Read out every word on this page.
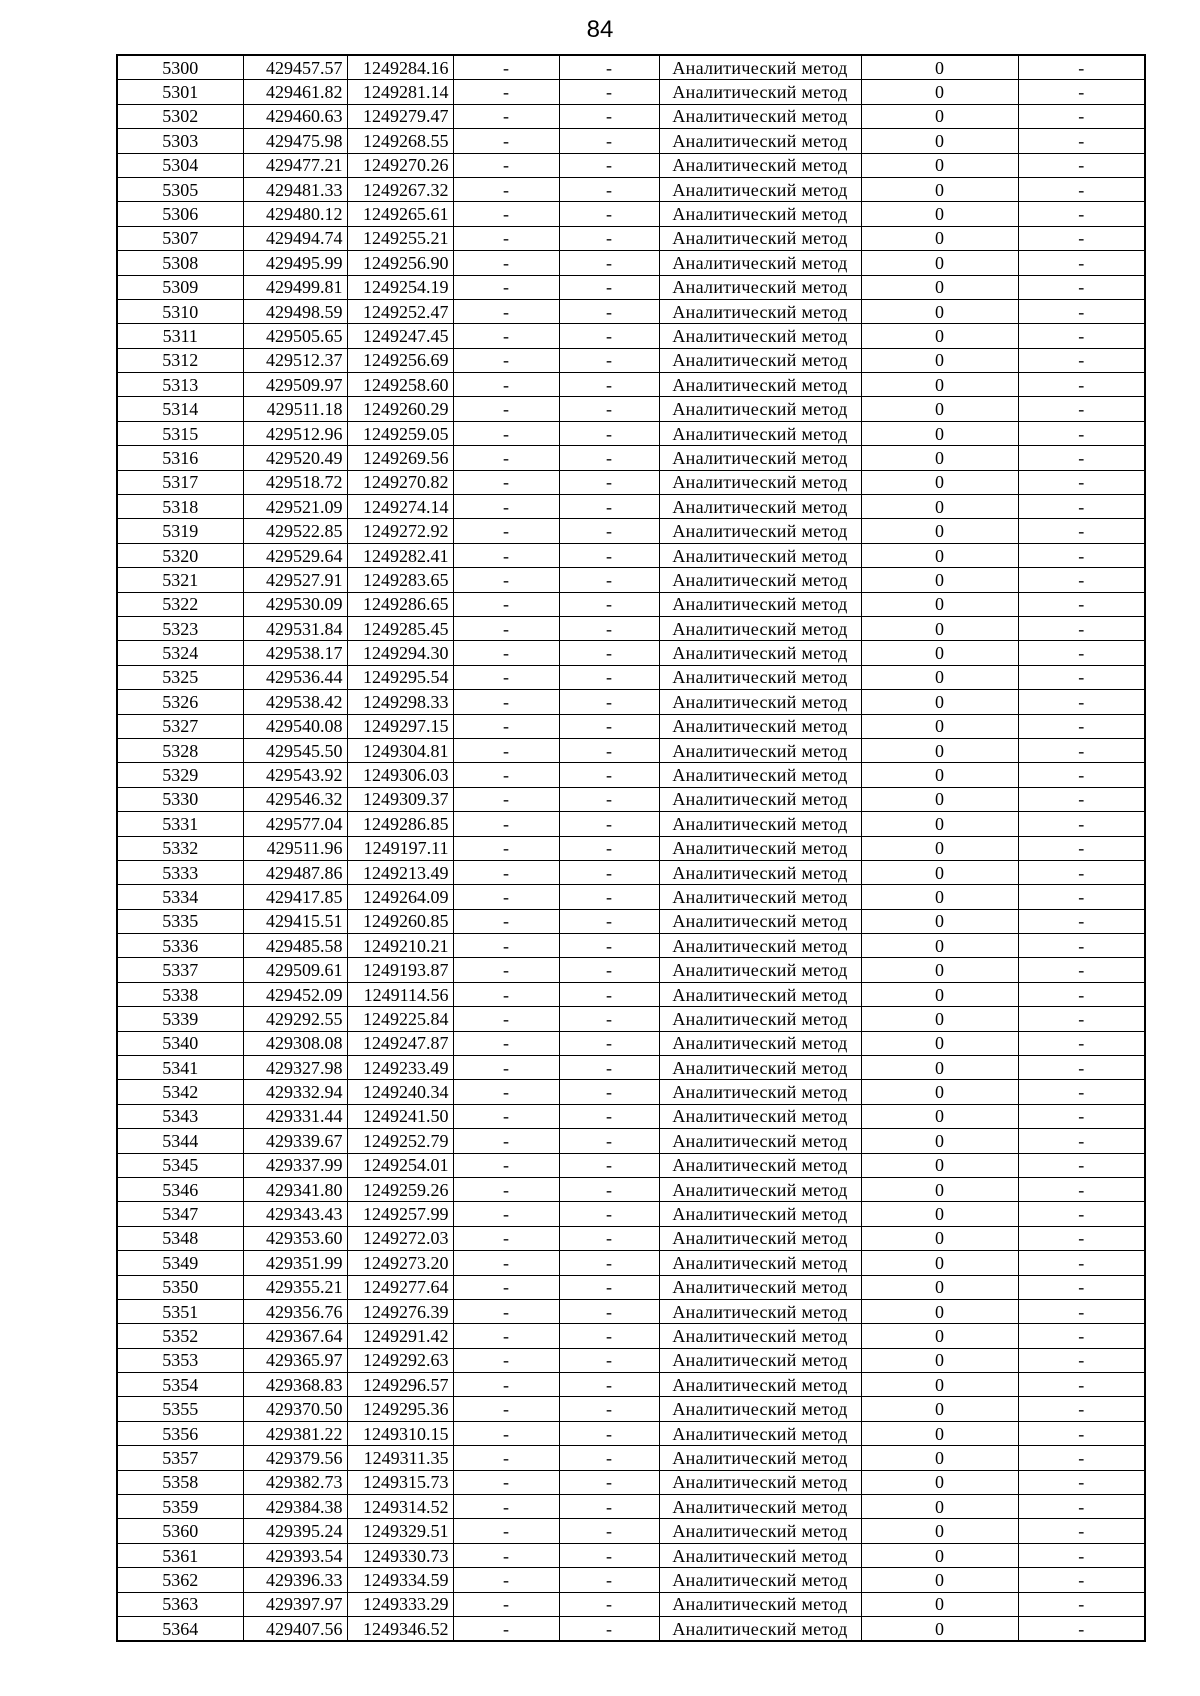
84
5300	429457.57	1249284.16	-	-	Аналитический метод	0	-
5301	429461.82	1249281.14	-	-	Аналитический метод	0	-
5302	429460.63	1249279.47	-	-	Аналитический метод	0	-
5303	429475.98	1249268.55	-	-	Аналитический метод	0	-
5304	429477.21	1249270.26	-	-	Аналитический метод	0	-
5305	429481.33	1249267.32	-	-	Аналитический метод	0	-
5306	429480.12	1249265.61	-	-	Аналитический метод	0	-
5307	429494.74	1249255.21	-	-	Аналитический метод	0	-
5308	429495.99	1249256.90	-	-	Аналитический метод	0	-
5309	429499.81	1249254.19	-	-	Аналитический метод	0	-
5310	429498.59	1249252.47	-	-	Аналитический метод	0	-
5311	429505.65	1249247.45	-	-	Аналитический метод	0	-
5312	429512.37	1249256.69	-	-	Аналитический метод	0	-
5313	429509.97	1249258.60	-	-	Аналитический метод	0	-
5314	429511.18	1249260.29	-	-	Аналитический метод	0	-
5315	429512.96	1249259.05	-	-	Аналитический метод	0	-
5316	429520.49	1249269.56	-	-	Аналитический метод	0	-
5317	429518.72	1249270.82	-	-	Аналитический метод	0	-
5318	429521.09	1249274.14	-	-	Аналитический метод	0	-
5319	429522.85	1249272.92	-	-	Аналитический метод	0	-
5320	429529.64	1249282.41	-	-	Аналитический метод	0	-
5321	429527.91	1249283.65	-	-	Аналитический метод	0	-
5322	429530.09	1249286.65	-	-	Аналитический метод	0	-
5323	429531.84	1249285.45	-	-	Аналитический метод	0	-
5324	429538.17	1249294.30	-	-	Аналитический метод	0	-
5325	429536.44	1249295.54	-	-	Аналитический метод	0	-
5326	429538.42	1249298.33	-	-	Аналитический метод	0	-
5327	429540.08	1249297.15	-	-	Аналитический метод	0	-
5328	429545.50	1249304.81	-	-	Аналитический метод	0	-
5329	429543.92	1249306.03	-	-	Аналитический метод	0	-
5330	429546.32	1249309.37	-	-	Аналитический метод	0	-
5331	429577.04	1249286.85	-	-	Аналитический метод	0	-
5332	429511.96	1249197.11	-	-	Аналитический метод	0	-
5333	429487.86	1249213.49	-	-	Аналитический метод	0	-
5334	429417.85	1249264.09	-	-	Аналитический метод	0	-
5335	429415.51	1249260.85	-	-	Аналитический метод	0	-
5336	429485.58	1249210.21	-	-	Аналитический метод	0	-
5337	429509.61	1249193.87	-	-	Аналитический метод	0	-
5338	429452.09	1249114.56	-	-	Аналитический метод	0	-
5339	429292.55	1249225.84	-	-	Аналитический метод	0	-
5340	429308.08	1249247.87	-	-	Аналитический метод	0	-
5341	429327.98	1249233.49	-	-	Аналитический метод	0	-
5342	429332.94	1249240.34	-	-	Аналитический метод	0	-
5343	429331.44	1249241.50	-	-	Аналитический метод	0	-
5344	429339.67	1249252.79	-	-	Аналитический метод	0	-
5345	429337.99	1249254.01	-	-	Аналитический метод	0	-
5346	429341.80	1249259.26	-	-	Аналитический метод	0	-
5347	429343.43	1249257.99	-	-	Аналитический метод	0	-
5348	429353.60	1249272.03	-	-	Аналитический метод	0	-
5349	429351.99	1249273.20	-	-	Аналитический метод	0	-
5350	429355.21	1249277.64	-	-	Аналитический метод	0	-
5351	429356.76	1249276.39	-	-	Аналитический метод	0	-
5352	429367.64	1249291.42	-	-	Аналитический метод	0	-
5353	429365.97	1249292.63	-	-	Аналитический метод	0	-
5354	429368.83	1249296.57	-	-	Аналитический метод	0	-
5355	429370.50	1249295.36	-	-	Аналитический метод	0	-
5356	429381.22	1249310.15	-	-	Аналитический метод	0	-
5357	429379.56	1249311.35	-	-	Аналитический метод	0	-
5358	429382.73	1249315.73	-	-	Аналитический метод	0	-
5359	429384.38	1249314.52	-	-	Аналитический метод	0	-
5360	429395.24	1249329.51	-	-	Аналитический метод	0	-
5361	429393.54	1249330.73	-	-	Аналитический метод	0	-
5362	429396.33	1249334.59	-	-	Аналитический метод	0	-
5363	429397.97	1249333.29	-	-	Аналитический метод	0	-
5364	429407.56	1249346.52	-	-	Аналитический метод	0	-
